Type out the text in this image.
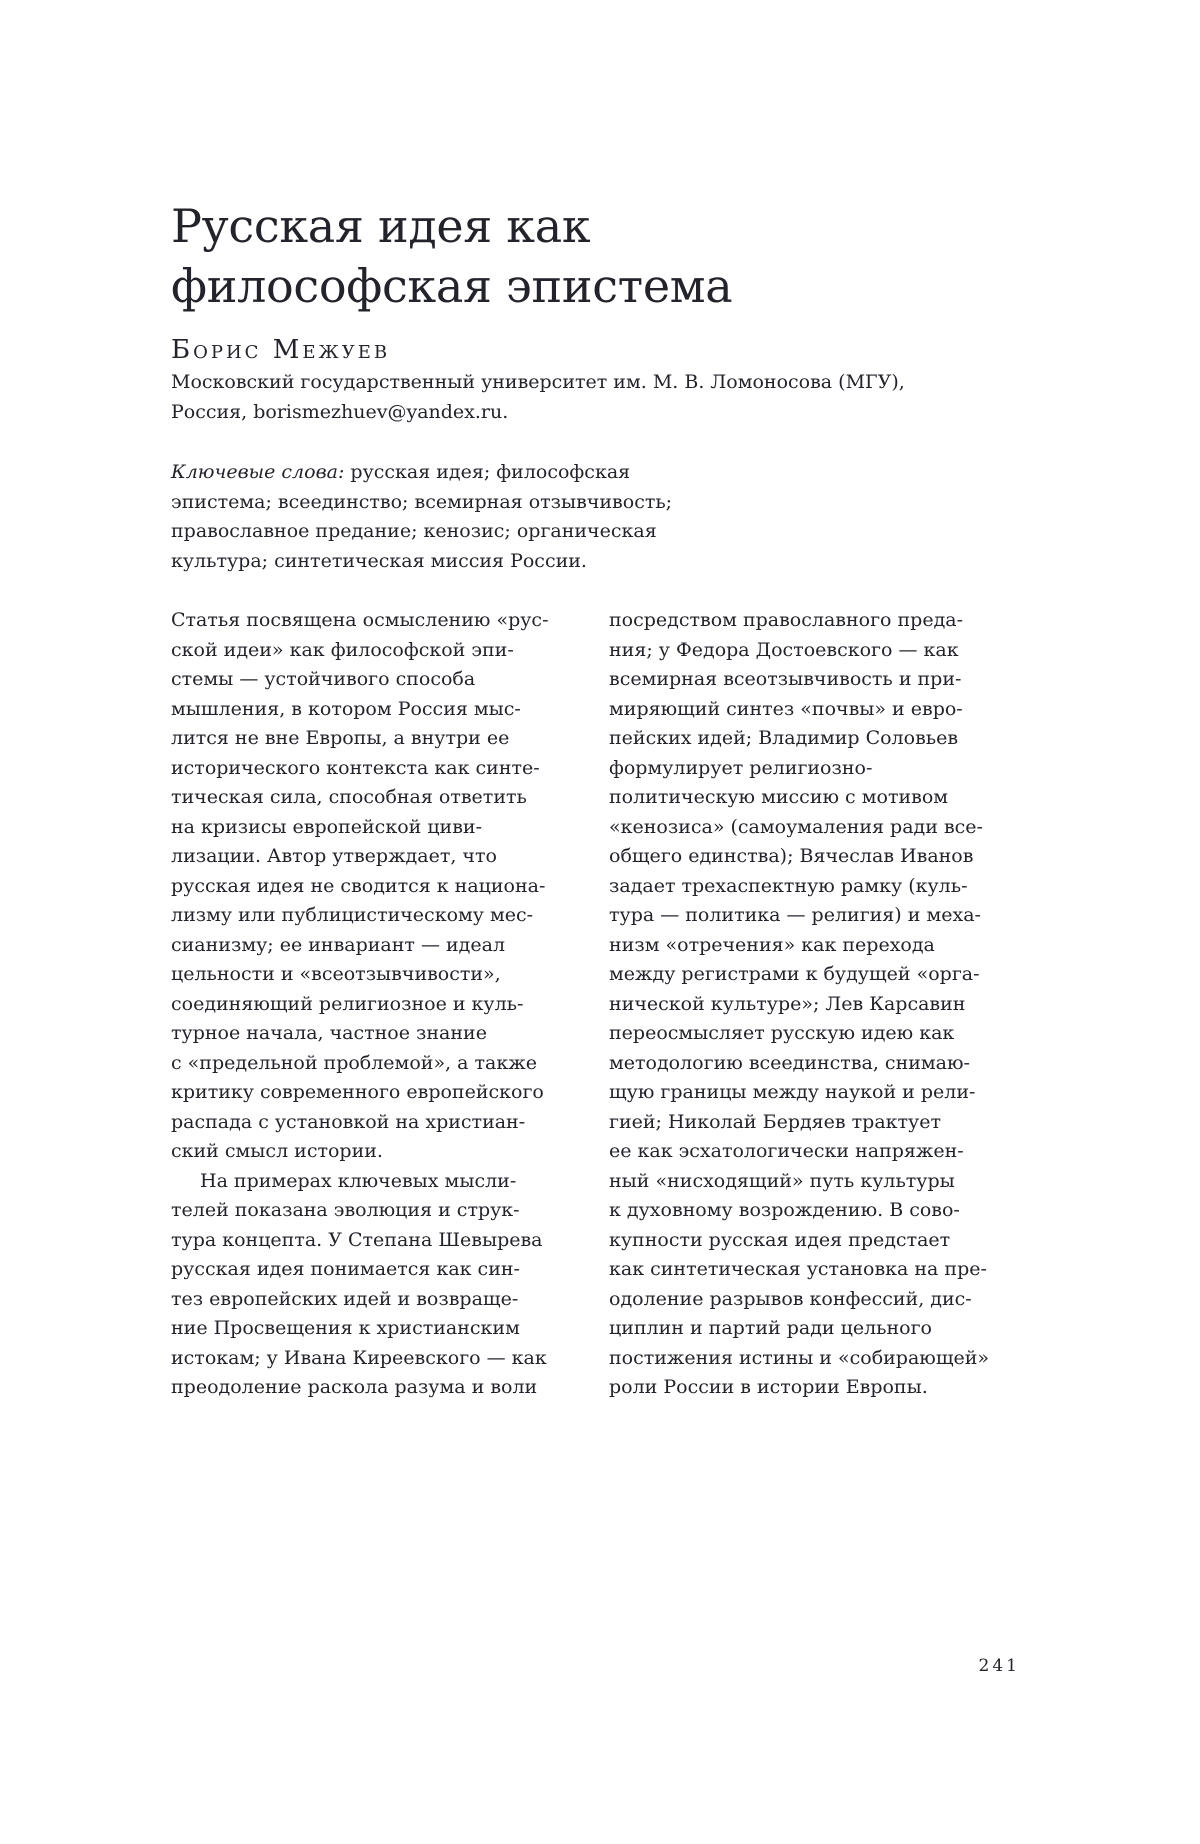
Русская идея как
философская эпистема
Борис Межуев
Московский государственный университет им. М. В. Ломоносова (МГУ),
Россия, borismezhuev@yandex.ru.
Ключевые слова: русская идея; философская эпистема; всеединство; всемирная отзывчивость; православное предание; кенозис; органическая культура; синтетическая миссия России.
Статья посвящена осмыслению «рус-
ской идеи» как философской эпи-
стемы — устойчивого способа
мышления, в котором Россия мыс-
лится не вне Европы, а внутри ее
исторического контекста как синте-
тическая сила, способная ответить
на кризисы европейской циви-
лизации. Автор утверждает, что
русская идея не сводится к национа-
лизму или публицистическому мес-
сианизму; ее инвариант — идеал
цельности и «всеотзывчивости»,
соединяющий религиозное и куль-
турное начала, частное знание
с «предельной проблемой», а также
критику современного европейского
распада с установкой на христиан-
ский смысл истории.
На примерах ключевых мысли-
телей показана эволюция и струк-
тура концепта. У Степана Шевырева
русская идея понимается как син-
тез европейских идей и возвраще-
ние Просвещения к христианским
истокам; у Ивана Киреевского — как
преодоление раскола разума и воли
посредством православного преда-
ния; у Федора Достоевского — как
всемирная всеотзывчивость и при-
миряющий синтез «почвы» и евро-
пейских идей; Владимир Соловьев
формулирует религиозно-
политическую миссию с мотивом
«кенозиса» (самоумаления ради все-
общего единства); Вячеслав Иванов
задает трехаспектную рамку (куль-
тура — политика — религия) и меха-
низм «отречения» как перехода
между регистрами к будущей «орга-
нической культуре»; Лев Карсавин
переосмысляет русскую идею как
методологию всеединства, снимаю-
щую границы между наукой и рели-
гией; Николай Бердяев трактует
ее как эсхатологически напряжен-
ный «нисходящий» путь культуры
к духовному возрождению. В сово-
купности русская идея предстает
как синтетическая установка на пре-
одоление разрывов конфессий, дис-
циплин и партий ради цельного
постижения истины и «собирающей»
роли России в истории Европы.
241
